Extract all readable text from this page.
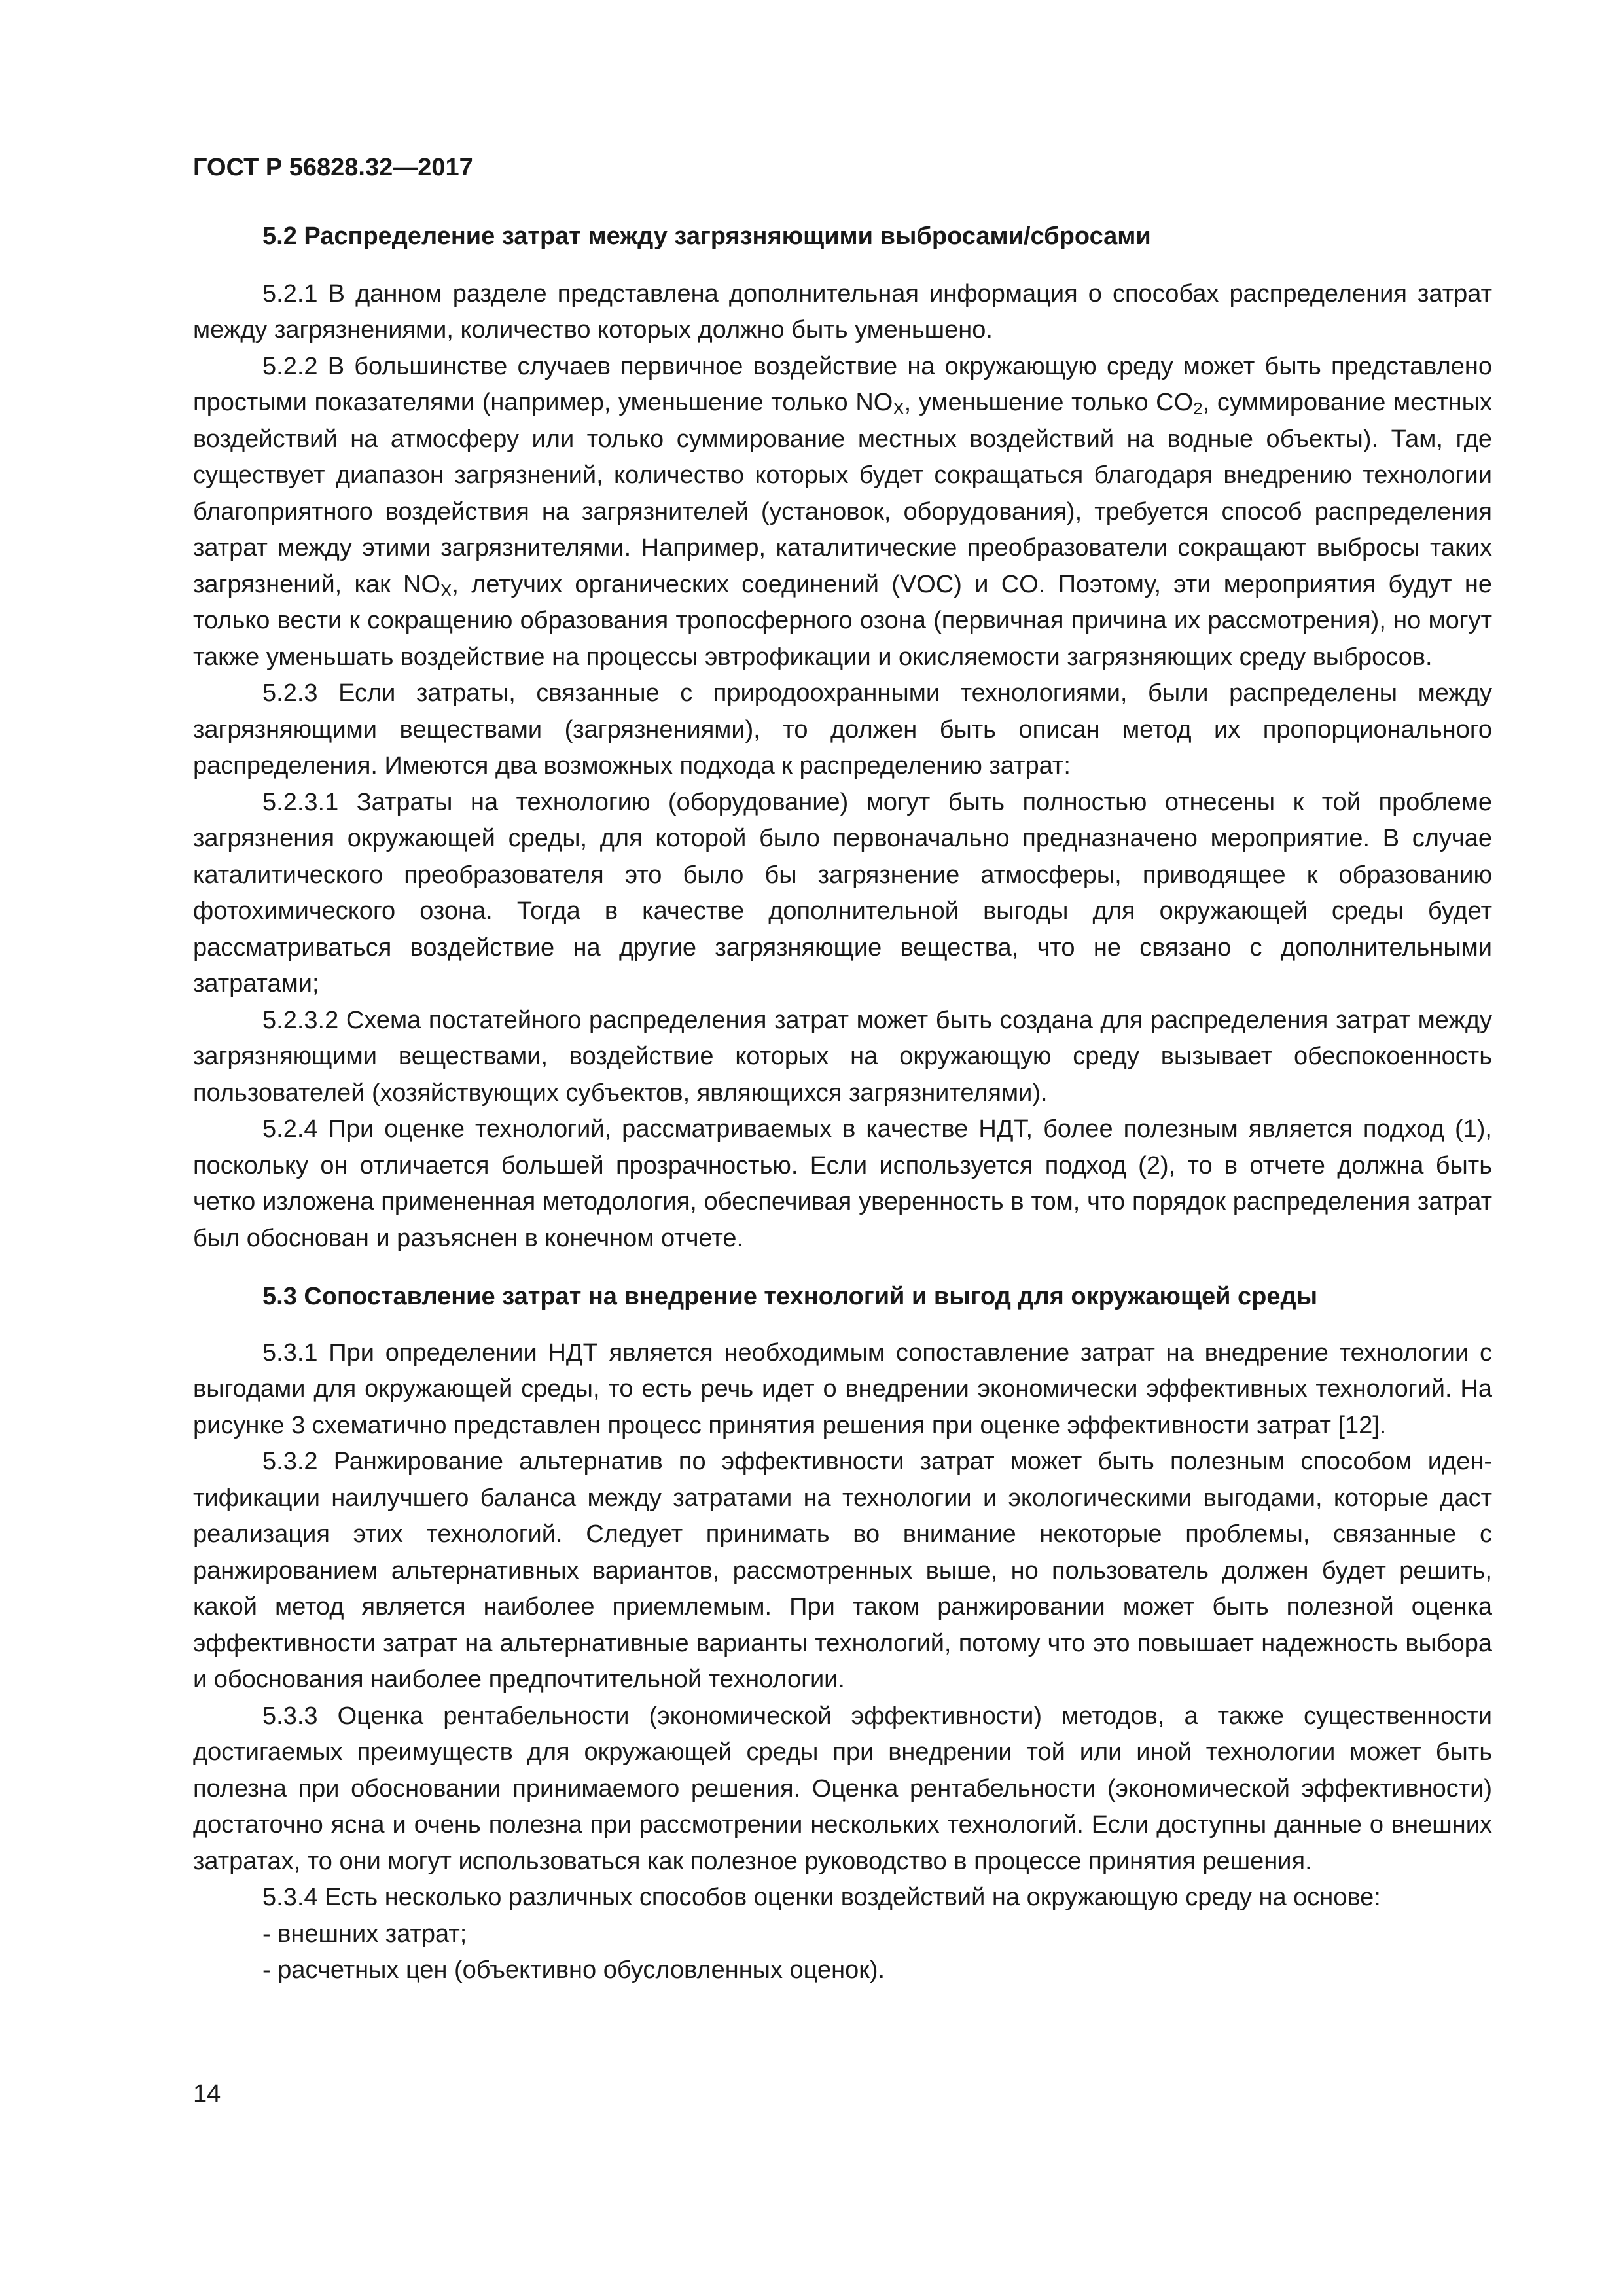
ГОСТ Р 56828.32—2017
5.2 Распределение затрат между загрязняющими выбросами/сбросами

5.2.1 В данном разделе представлена дополнительная информация о способах распределения затрат между загрязнениями, количество которых должно быть уменьшено.

5.2.2 В большинстве случаев первичное воздействие на окружающую среду может быть представлено простыми показателями (например, уменьшение только $NO_X$, уменьшение только $CO_2$, суммирование местных воздействий на атмосферу или только суммирование местных воздействий на водные объекты). Там, где существует диапазон загрязнений, количество которых будет сокращаться благодаря внедрению технологии благоприятного воздействия на загрязнителей (установок, оборудования), требуется способ распределения затрат между этими загрязнителями. Например, каталитические преобразователи сокращают выбросы таких загрязнений, как $NO_X$, летучих органических соединений (VOC) и CO. Поэтому, эти мероприятия будут не только вести к сокращению образования тропосферного озона (первичная причина их рассмотрения), но могут также уменьшать воздействие на процессы эвтрофикации и окисляемости загрязняющих среду выбросов.

5.2.3 Если затраты, связанные с природоохранными технологиями, были распределены между загрязняющими веществами (загрязнениями), то должен быть описан метод их пропорционального распределения. Имеются два возможных подхода к распределению затрат:

5.2.3.1 Затраты на технологию (оборудование) могут быть полностью отнесены к той проблеме загрязнения окружающей среды, для которой было первоначально предназначено мероприятие. В случае каталитического преобразователя это было бы загрязнение атмосферы, приводящее к образованию фотохимического озона. Тогда в качестве дополнительной выгоды для окружающей среды будет рассматриваться воздействие на другие загрязняющие вещества, что не связано с дополнительными затратами;

5.2.3.2 Схема постатейного распределения затрат может быть создана для распределения затрат между загрязняющими веществами, воздействие которых на окружающую среду вызывает обеспокоенность пользователей (хозяйствующих субъектов, являющихся загрязнителями).

5.2.4 При оценке технологий, рассматриваемых в качестве НДТ, более полезным является подход (1), поскольку он отличается большей прозрачностью. Если используется подход (2), то в отчете должна быть четко изложена примененная методология, обеспечивая уверенность в том, что порядок распределения затрат был обоснован и разъяснен в конечном отчете.

5.3 Сопоставление затрат на внедрение технологий и выгод для окружающей среды

5.3.1 При определении НДТ является необходимым сопоставление затрат на внедрение технологии с выгодами для окружающей среды, то есть речь идет о внедрении экономически эффективных технологий. На рисунке 3 схематично представлен процесс принятия решения при оценке эффективности затрат [12].

5.3.2 Ранжирование альтернатив по эффективности затрат может быть полезным способом идентификации наилучшего баланса между затратами на технологии и экологическими выгодами, которые даст реализация этих технологий. Следует принимать во внимание некоторые проблемы, связанные с ранжированием альтернативных вариантов, рассмотренных выше, но пользователь должен будет решить, какой метод является наиболее приемлемым. При таком ранжировании может быть полезной оценка эффективности затрат на альтернативные варианты технологий, потому что это повышает надежность выбора и обоснования наиболее предпочтительной технологии.

5.3.3 Оценка рентабельности (экономической эффективности) методов, а также существенности достигаемых преимуществ для окружающей среды при внедрении той или иной технологии может быть полезна при обосновании принимаемого решения. Оценка рентабельности (экономической эффективности) достаточно ясна и очень полезна при рассмотрении нескольких технологий. Если доступны данные о внешних затратах, то они могут использоваться как полезное руководство в процессе принятия решения.

5.3.4 Есть несколько различных способов оценки воздействий на окружающую среду на основе:

- внешних затрат;

- расчетных цен (объективно обусловленных оценок).

14
